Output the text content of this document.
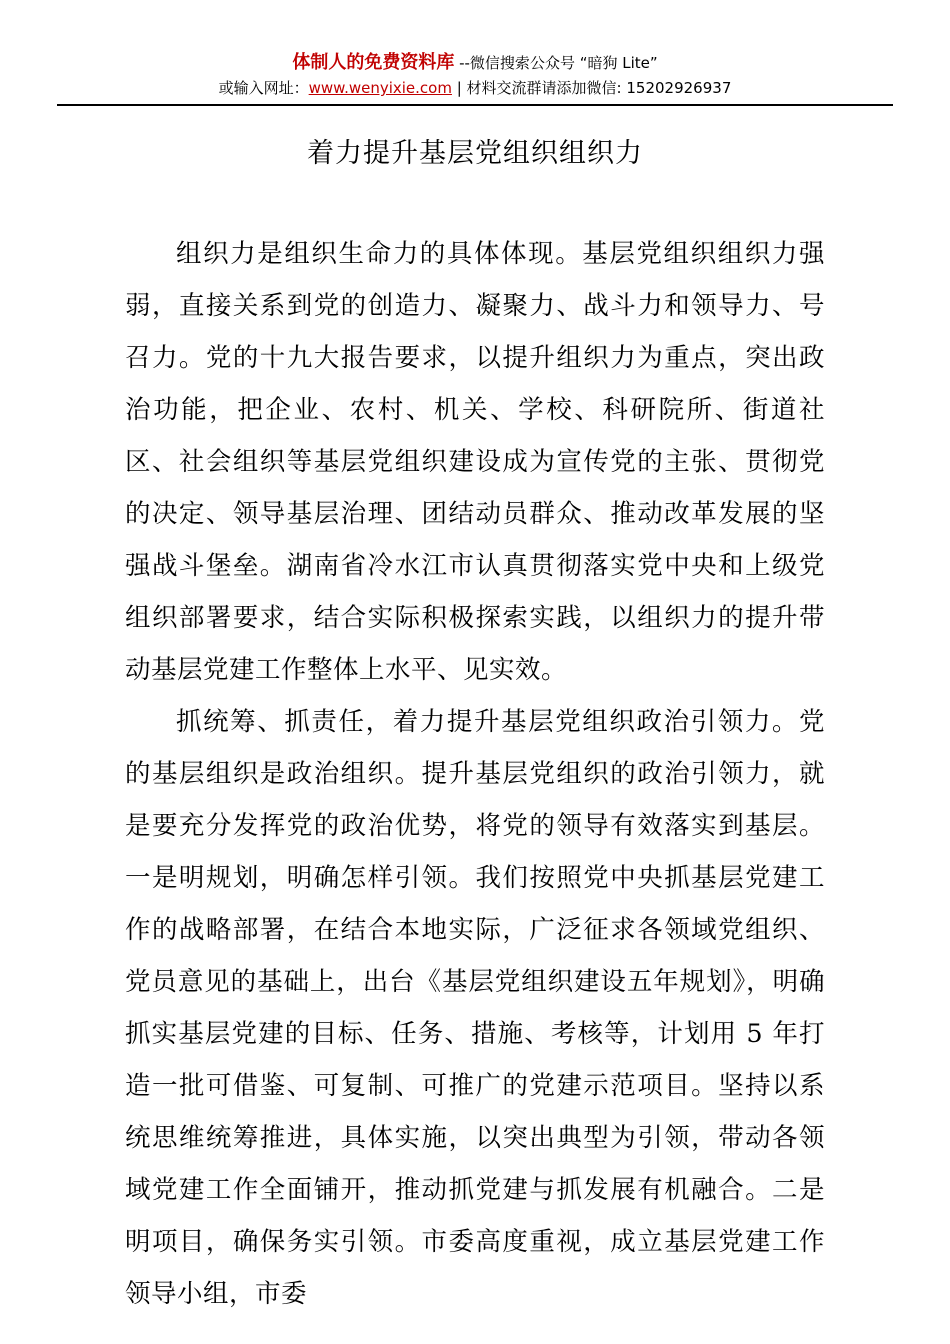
体制人的免费资料库 --微信搜索公众号 “暗狗 Lite”
或输入网址：www.wenyixie.com | 材料交流群请添加微信: 15202926937
着力提升基层党组织组织力

组织力是组织生命力的具体体现。基层党组织组织力强弱，直接关系到党的创造力、凝聚力、战斗力和领导力、号召力。党的十九大报告要求，以提升组织力为重点，突出政治功能，把企业、农村、机关、学校、科研院所、街道社区、社会组织等基层党组织建设成为宣传党的主张、贯彻党的决定、领导基层治理、团结动员群众、推动改革发展的坚强战斗堡垒。湖南省冷水江市认真贯彻落实党中央和上级党组织部署要求，结合实际积极探索实践，以组织力的提升带动基层党建工作整体上水平、见实效。

抓统筹、抓责任，着力提升基层党组织政治引领力。党的基层组织是政治组织。提升基层党组织的政治引领力，就是要充分发挥党的政治优势，将党的领导有效落实到基层。一是明规划，明确怎样引领。我们按照党中央抓基层党建工作的战略部署，在结合本地实际，广泛征求各领域党组织、党员意见的基础上，出台《基层党组织建设五年规划》，明确抓实基层党建的目标、任务、措施、考核等，计划用 5 年打造一批可借鉴、可复制、可推广的党建示范项目。坚持以系统思维统筹推进，具体实施，以突出典型为引领，带动各领域党建工作全面铺开，推动抓党建与抓发展有机融合。二是明项目，确保务实引领。市委高度重视，成立基层党建工作领导小组，市委
